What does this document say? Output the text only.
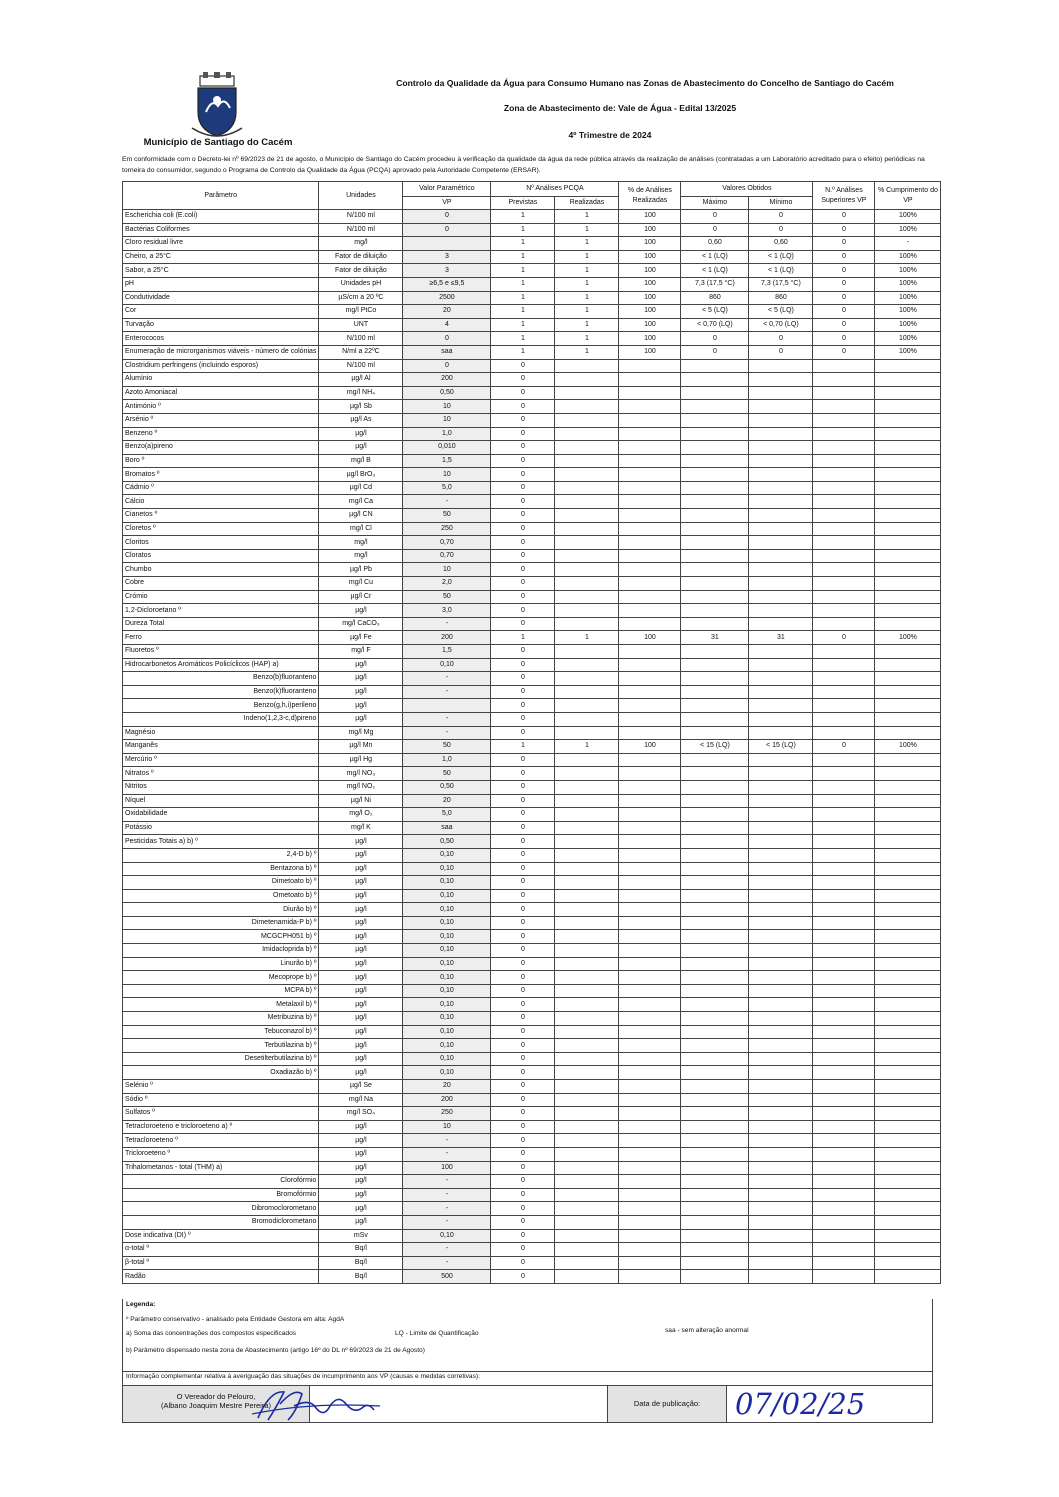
Município de Santiago do Cacém
Controlo da Qualidade da Água para Consumo Humano nas Zonas de Abastecimento do Concelho de Santiago do Cacém
Zona de Abastecimento de: Vale de Água - Edital 13/2025
4º Trimestre de 2024
Em conformidade com o Decreto-lei nº 69/2023 de 21 de agosto, o Município de Santiago do Cacém procedeu à verificação da qualidade da água da rede pública através da realização de análises (contratadas a um Laboratório acreditado para o efeito) periódicas na torneira do consumidor, segundo o Programa de Controlo da Qualidade da Água (PCQA) aprovado pela Autoridade Competente (ERSAR).
Parâmetro	Unidades	Valor Paramétrico	Nº Análises PCQA		% de Análises Realizadas	Valores Obtidos		N.º Análises Superiores VP	% Cumprimento do VP
		VP	Previstas	Realizadas		Máximo	Mínimo		
Escherichia coli (E.coli)	N/100 ml	0	1	1	100	0	0	0	100%
Bactérias Coliformes	N/100 ml	0	1	1	100	0	0	0	100%
Cloro residual livre	mg/l		1	1	100	0,60	0,60	0	-
Cheiro, a 25°C	Fator de diluição	3	1	1	100	< 1 (LQ)	< 1 (LQ)	0	100%
Sabor, a 25°C	Fator de diluição	3	1	1	100	< 1 (LQ)	< 1 (LQ)	0	100%
pH	Unidades pH	≥6,5 e ≤9,5	1	1	100	7,3 (17,5 °C)	7,3 (17,5 °C)	0	100%
Condutividade	µS/cm a 20 ºC	2500	1	1	100	860	860	0	100%
Cor	mg/l PtCo	20	1	1	100	< 5 (LQ)	< 5 (LQ)	0	100%
Turvação	UNT	4	1	1	100	< 0,70 (LQ)	< 0,70 (LQ)	0	100%
Enterococos	N/100 ml	0	1	1	100	0	0	0	100%
Enumeração de microrganismos viáveis - número de colónias	N/ml a 22ºC	saa	1	1	100	0	0	0	100%
Clostridium perfringens (incluindo esporos)	N/100 ml	0	0						
Alumínio	µg/l Al	200	0						
Azoto Amoniacal	mg/l NH₄	0,50	0						
Antimónio º	µg/l Sb	10	0						
Arsénio º	µg/l As	10	0						
Benzeno º	µg/l	1,0	0						
Benzo(a)pireno	µg/l	0,010	0						
Boro º	mg/l B	1,5	0						
Bromatos º	µg/l BrO₃	10	0						
Cádmio º	µg/l Cd	5,0	0						
Cálcio	mg/l Ca	-	0						
Cianetos º	µg/l CN	50	0						
Cloretos º	mg/l Cl	250	0						
Cloritos	mg/l	0,70	0						
Cloratos	mg/l	0,70	0						
Chumbo	µg/l Pb	10	0						
Cobre	mg/l Cu	2,0	0						
Crómio	µg/l Cr	50	0						
1,2-Dicloroetano º	µg/l	3,0	0						
Dureza Total	mg/l CaCO₃	-	0						
Ferro	µg/l Fe	200	1	1	100	31	31	0	100%
Fluoretos º	mg/l F	1,5	0						
Hidrocarbonetos Aromáticos Policíclicos (HAP) a)	µg/l	0,10	0						
Benzo(b)fluoranteno	µg/l	-	0						
Benzo(k)fluoranteno	µg/l	-	0						
Benzo(g,h,i)perileno	µg/l		0						
Indeno(1,2,3-c,d)pireno	µg/l	-	0						
Magnésio	mg/l Mg	-	0						
Manganês	µg/l Mn	50	1	1	100	< 15 (LQ)	< 15 (LQ)	0	100%
Mercúrio º	µg/l Hg	1,0	0						
Nitratos º	mg/l NO₃	50	0						
Nitritos	mg/l NO₂	0,50	0						
Níquel	µg/l Ni	20	0						
Oxidabilidade	mg/l O₂	5,0	0						
Potássio	mg/l K	saa	0						
Pesticidas Totais a) b) º	µg/l	0,50	0						
2,4-D b) º	µg/l	0,10	0						
Bentazona b) º	µg/l	0,10	0						
Dimetoato b) º	µg/l	0,10	0						
Ometoato b) º	µg/l	0,10	0						
Diurão b) º	µg/l	0,10	0						
Dimetenamida-P b) º	µg/l	0,10	0						
MCGCPH051 b) º	µg/l	0,10	0						
Imidacloprida b) º	µg/l	0,10	0						
Linurão b) º	µg/l	0,10	0						
Mecoprope b) º	µg/l	0,10	0						
MCPA b) º	µg/l	0,10	0						
Metalaxil b) º	µg/l	0,10	0						
Metribuzina b) º	µg/l	0,10	0						
Tebuconazol b) º	µg/l	0,10	0						
Terbutilazina b) º	µg/l	0,10	0						
Desetilterbutilazina b) º	µg/l	0,10	0						
Oxadiazão b) º	µg/l	0,10	0						
Selénio º	µg/l Se	20	0						
Sódio º	mg/l Na	200	0						
Sulfatos º	mg/l SO₄	250	0						
Tetracloroeteno e tricloroeteno a) º	µg/l	10	0						
Tetracloroeteno º	µg/l	-	0						
Tricloroeteno º	µg/l	-	0						
Trihalometanos - total (THM) a)	µg/l	100	0						
Clorofórmio	µg/l	-	0						
Bromofórmio	µg/l	-	0						
Dibromoclorometano	µg/l	-	0						
Bromodiclorometano	µg/l	-	0						
Dose indicativa (DI) º	mSv	0,10	0						
α-total º	Bq/l	-	0						
β-total º	Bq/l	-	0						
Radão	Bq/l	500	0						
Legenda:
º Parâmetro conservativo - analisado pela Entidade Gestora em alta: AgdA
a) Soma das concentrações dos compostos especificados	LQ - Limite de Quantificação	saa - sem alteração anormal
b) Parâmetro dispensado nesta zona de Abastecimento (artigo 16º do DL nº 69/2023 de 21 de Agosto)
Informação complementar relativa à averiguação das situações de incumprimento aos VP (causas e medidas corretivas):
O Vereador do Pelouro,
(Albano Joaquim Mestre Pereira)	Data de publicação:	07/02/25
